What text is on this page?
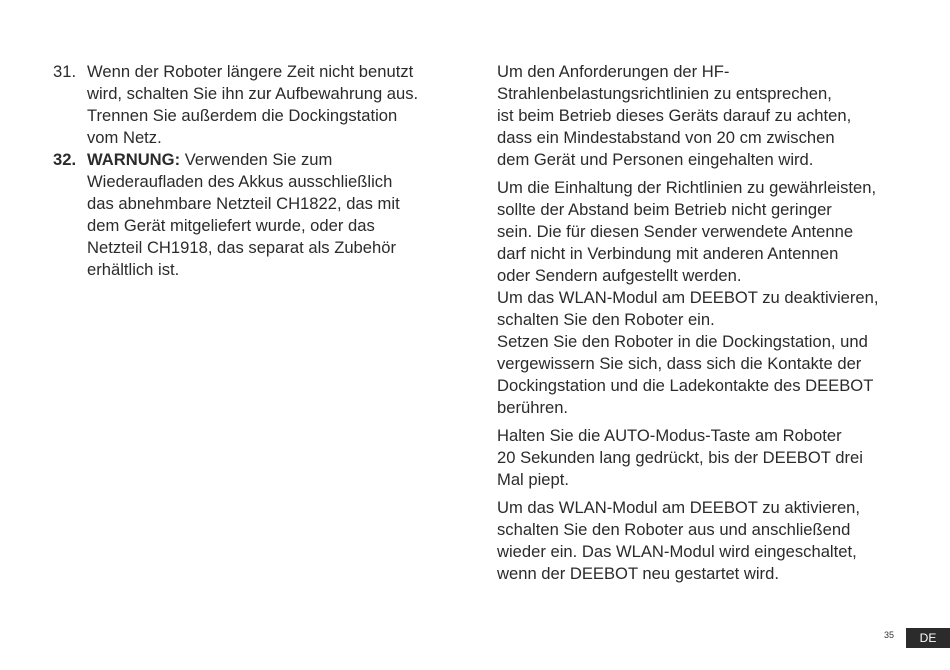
31. Wenn der Roboter längere Zeit nicht benutzt
wird, schalten Sie ihn zur Aufbewahrung aus.
Trennen Sie außerdem die Dockingstation
vom Netz.
32. WARNUNG: Verwenden Sie zum
Wiederaufladen des Akkus ausschließlich
das abnehmbare Netzteil CH1822, das mit
dem Gerät mitgeliefert wurde, oder das
Netzteil CH1918, das separat als Zubehör
erhältlich ist.
Um den Anforderungen der HF-
Strahlenbelastungsrichtlinien zu entsprechen,
ist beim Betrieb dieses Geräts darauf zu achten,
dass ein Mindestabstand von 20 cm zwischen
dem Gerät und Personen eingehalten wird.
Um die Einhaltung der Richtlinien zu gewährleisten,
sollte der Abstand beim Betrieb nicht geringer
sein. Die für diesen Sender verwendete Antenne
darf nicht in Verbindung mit anderen Antennen
oder Sendern aufgestellt werden.
Um das WLAN-Modul am DEEBOT zu deaktivieren,
schalten Sie den Roboter ein.
Setzen Sie den Roboter in die Dockingstation, und
vergewissern Sie sich, dass sich die Kontakte der
Dockingstation und die Ladekontakte des DEEBOT
berühren.
Halten Sie die AUTO-Modus-Taste am Roboter
20 Sekunden lang gedrückt, bis der DEEBOT drei
Mal piept.
Um das WLAN-Modul am DEEBOT zu aktivieren,
schalten Sie den Roboter aus und anschließend
wieder ein. Das WLAN-Modul wird eingeschaltet,
wenn der DEEBOT neu gestartet wird.
35	DE
